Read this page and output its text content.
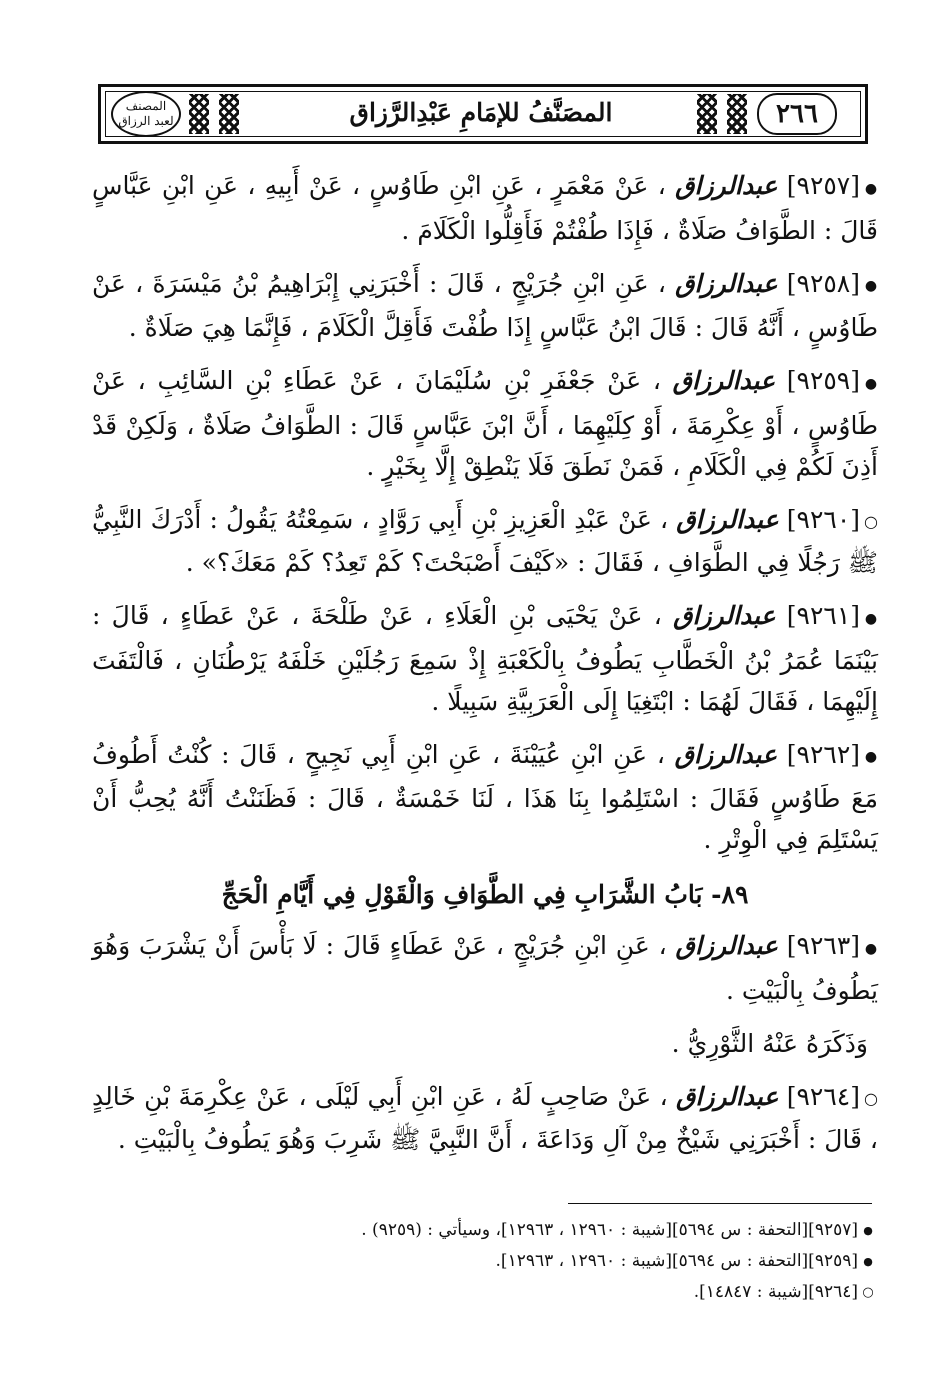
المصنف
لعبد الرزاق	المصَنَّفُ للإمَامِ عَبْدِالرَّزاق	٢٦٦
●[٩٢٥٧] عبدالرزاق ، عَنْ مَعْمَرٍ ، عَنِ ابْنِ طَاوُسٍ ، عَنْ أَبِيهِ ، عَنِ ابْنِ عَبَّاسٍ قَالَ : الطَّوَافُ صَلَاةٌ ، فَإِذَا طُفْتُمْ فَأَقِلُّوا الْكَلَامَ .
●[٩٢٥٨] عبدالرزاق ، عَنِ ابْنِ جُرَيْجٍ ، قَالَ : أَخْبَرَنِي إِبْرَاهِيمُ بْنُ مَيْسَرَةَ ، عَنْ طَاوُسٍ ، أَنَّهُ قَالَ : قَالَ ابْنُ عَبَّاسٍ إِذَا طُفْتَ فَأَقِلَّ الْكَلَامَ ، فَإِنَّمَا هِيَ صَلَاةٌ .
●[٩٢٥٩] عبدالرزاق ، عَنْ جَعْفَرِ بْنِ سُلَيْمَانَ ، عَنْ عَطَاءِ بْنِ السَّائِبِ ، عَنْ طَاوُسٍ ، أَوْ عِكْرِمَةَ ، أَوْ كِلَيْهِمَا ، أَنَّ ابْنَ عَبَّاسٍ قَالَ : الطَّوَافُ صَلَاةٌ ، وَلَكِنْ قَدْ أَذِنَ لَكُمْ فِي الْكَلَامِ ، فَمَنْ نَطَقَ فَلَا يَنْطِقْ إِلَّا بِخَيْرٍ .
○[٩٢٦٠] عبدالرزاق ، عَنْ عَبْدِ الْعَزِيزِ بْنِ أَبِي رَوَّادٍ ، سَمِعْتُهُ يَقُولُ : أَدْرَكَ النَّبِيُّ ﷺ رَجُلًا فِي الطَّوَافِ ، فَقَالَ : «كَيْفَ أَصْبَحْتَ؟ كَمْ تَعِدُ؟ كَمْ مَعَكَ؟» .
●[٩٢٦١] عبدالرزاق ، عَنْ يَحْيَى بْنِ الْعَلَاءِ ، عَنْ طَلْحَةَ ، عَنْ عَطَاءٍ ، قَالَ : بَيْنَمَا عُمَرُ بْنُ الْخَطَّابِ يَطُوفُ بِالْكَعْبَةِ إِذْ سَمِعَ رَجُلَيْنِ خَلْفَهُ يَرْطُنَانِ ، فَالْتَفَتَ إِلَيْهِمَا ، فَقَالَ لَهُمَا : ابْتَغِيَا إِلَى الْعَرَبِيَّةِ سَبِيلًا .
●[٩٢٦٢] عبدالرزاق ، عَنِ ابْنِ عُيَيْنَةَ ، عَنِ ابْنِ أَبِي نَجِيحٍ ، قَالَ : كُنْتُ أَطُوفُ مَعَ طَاوُسٍ فَقَالَ : اسْتَلِمُوا بِنَا هَذَا ، لَنَا خَمْسَةٌ ، قَالَ : فَظَنَنْتُ أَنَّهُ يُحِبُّ أَنْ يَسْتَلِمَ فِي الْوِتْرِ .
٨٩- بَابُ الشَّرَابِ فِي الطَّوَافِ وَالْقَوْلِ فِي أَيَّامِ الْحَجِّ
●[٩٢٦٣] عبدالرزاق ، عَنِ ابْنِ جُرَيْجٍ ، عَنْ عَطَاءٍ قَالَ : لَا بَأْسَ أَنْ يَشْرَبَ وَهُوَ يَطُوفُ بِالْبَيْتِ .
وَذَكَرَهُ عَنْهُ الثَّوْرِيُّ .
○[٩٢٦٤] عبدالرزاق ، عَنْ صَاحِبٍ لَهُ ، عَنِ ابْنِ أَبِي لَيْلَى ، عَنْ عِكْرِمَةَ بْنِ خَالِدٍ ، قَالَ : أَخْبَرَنِي شَيْخٌ مِنْ آلِ وَدَاعَةَ ، أَنَّ النَّبِيَّ ﷺ شَرِبَ وَهُوَ يَطُوفُ بِالْبَيْتِ .
●[٩٢٥٧][التحفة : س ٥٦٩٤][شيبة : ١٢٩٦٠ ، ١٢٩٦٣]، وسيأتي : (٩٢٥٩) .
●[٩٢٥٩][التحفة : س ٥٦٩٤][شيبة : ١٢٩٦٠ ، ١٢٩٦٣].
○[٩٢٦٤][شيبة : ١٤٨٤٧].
